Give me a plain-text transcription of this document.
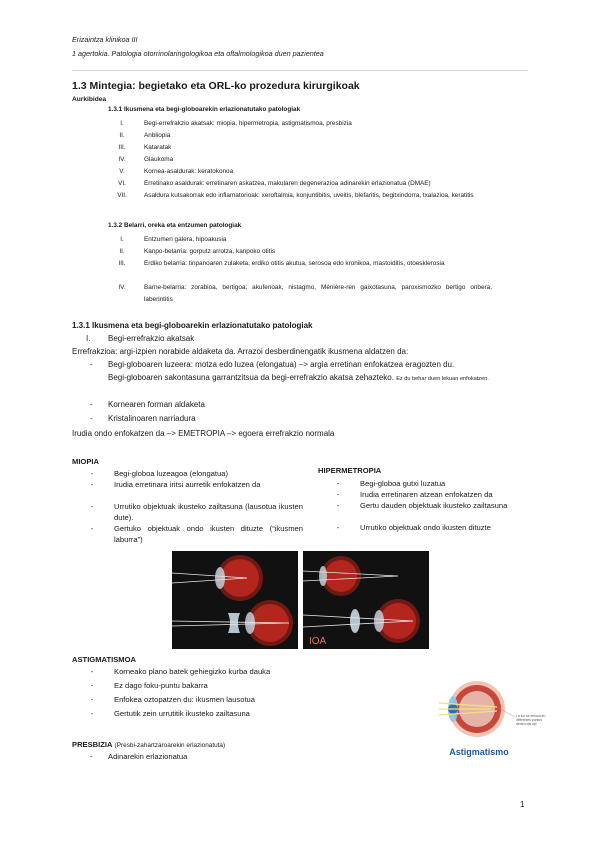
Erizaintza klinikoa III
1 agertokia. Patologia otorrinolaringologikoa eta oftalmologikoa duen pazientea
1.3 Mintegia: begietako eta ORL-ko prozedura kirurgikoak
Aurkibidea
1.3.1 Ikusmena eta begi-globoarekin erlazionatutako patologiak
I.	Begi-errefrakzio akatsak: miopia, hipermetropia, astigmatismoa, presbizia
II.	Anbliopia
III.	Kataratak
IV.	Glaukoma
V.	Kornea-asaldurak: keratokonoa
VI.	Erretinako asaldurak: erretinaren askatzea, makularen degenerazioa adinarekin erlazionatua (DMAE)
VII.	Asaldura kutsakorrak edo inflamatorioak: xeroftalmia, konjuntibitis, uveitis, blefaritis, begitxindorra, txalazioa, keratitis
1.3.2 Belarri, oreka eta entzumen patologiak
I.	Entzumen galera, hipoakusia
II.	Kanpo-belarria: gorputz arrotza, kanpoko otitis
III.	Erdiko belarria: tinpanoaren zulaketa, erdiko otitis akutua, serosoa edo kronikoa, mastoiditis, otoesklerosia
IV.	Barne-belarria: zorabioa, bertigoa, akufenoak, nistagmo, Ménière-ren gaixotasuna, paroxismozko bertigo onbera, laberintitis
1.3.1 Ikusmena eta begi-globoarekin erlazionatutako patologiak
I. Begi-errefrakzio akatsak
Errefrakzioa: argi-izpien norabide aldaketa da. Arrazoi desberdinengatik ikusmena aldatzen da:
- Begi-globoaren luzeera: motza edo luzea (elongatua) –> argia erretinan enfokatzea eragozten du.
Begi-globoaren sakontasuna garrantzitsua da begi-errefrakzio akatsa zehazteko. Ez du behar duen lekuan enfokatzen.
- Kornearen forman aldaketa
- Kristalinoaren narriadura
Irudia ondo enfokatzen da –> EMETROPIA –> egoera errefrakzio normala
MIOPIA
-	Begi-globoa luzeagoa (elongatua)
-	Irudia erretinara iritsi aurretik enfokatzen da
-	Urrutiko objektuak ikusteko zailtasuna (lausotua ikusten dute).
-	Gertuko objektuak ondo ikusten dituzte (“ikusmen laburra”)
HIPERMETROPIA
-	Begi-globoa gutxi luzatua
-	Irudia erretinaren atzean enfokatzen da
-	Gertu dauden objektuak ikusteko zailtasuna
-	Urrutiko objektuak ondo ikusten dituzte
IOA
ASTIGMATISMOA
-	Korneako plano batek gehiegizko kurba dauka
-	Ez dago foku-puntu bakarra
-	Enfokea oztopatzen du: ikusmen lausotua
-	Gertutik zein urrutitik ikusteko zailtasuna	La luz se enfoca en
diferentes puntos
dentro del ojo
Astigmatismo
PRESBIZIA (Presbi-zahartzaroarekin erlazionatuta)
- Adinarekin erlazionatua
1
